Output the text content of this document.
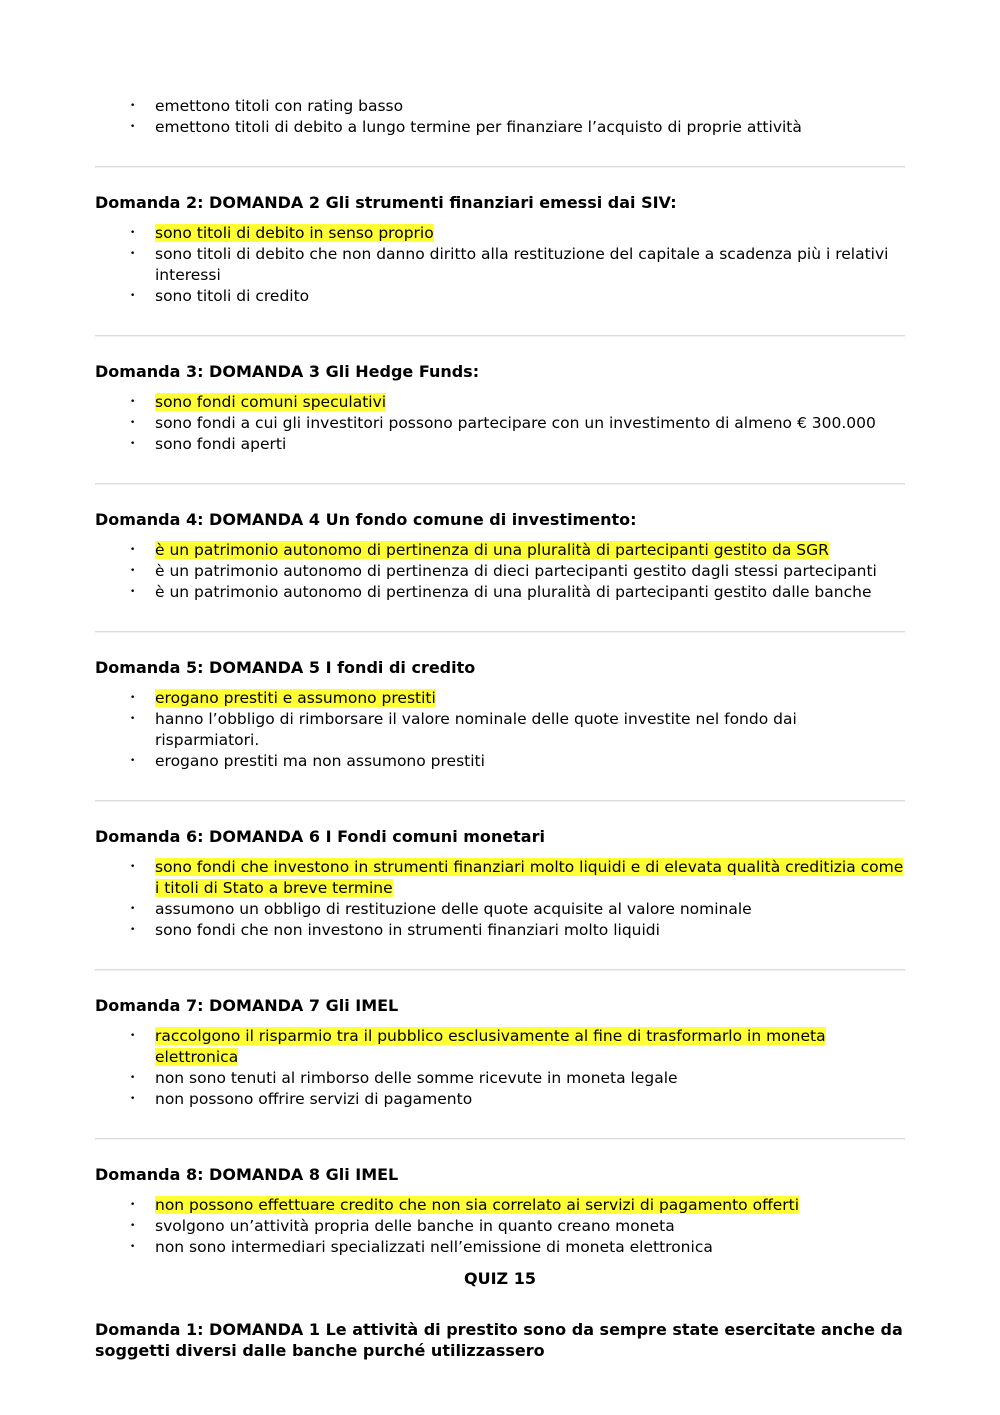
• emettono titoli con rating basso
• emettono titoli di debito a lungo termine per finanziare l’acquisto di proprie attività

Domanda 2: DOMANDA 2 Gli strumenti finanziari emessi dai SIV:

• sono titoli di debito in senso proprio
• sono titoli di debito che non danno diritto alla restituzione del capitale a scadenza più i relativi interessi
• sono titoli di credito

Domanda 3: DOMANDA 3 Gli Hedge Funds:

• sono fondi comuni speculativi
• sono fondi a cui gli investitori possono partecipare con un investimento di almeno € 300.000
• sono fondi aperti

Domanda 4: DOMANDA 4 Un fondo comune di investimento:

• è un patrimonio autonomo di pertinenza di una pluralità di partecipanti gestito da SGR
• è un patrimonio autonomo di pertinenza di dieci partecipanti gestito dagli stessi partecipanti
• è un patrimonio autonomo di pertinenza di una pluralità di partecipanti gestito dalle banche

Domanda 5: DOMANDA 5 I fondi di credito

• erogano prestiti e assumono prestiti
• hanno l’obbligo di rimborsare il valore nominale delle quote investite nel fondo dai risparmiatori.
• erogano prestiti ma non assumono prestiti

Domanda 6: DOMANDA 6 I Fondi comuni monetari

• sono fondi che investono in strumenti finanziari molto liquidi e di elevata qualità creditizia come i titoli di Stato a breve termine
• assumono un obbligo di restituzione delle quote acquisite al valore nominale
• sono fondi che non investono in strumenti finanziari molto liquidi

Domanda 7: DOMANDA 7 Gli IMEL

• raccolgono il risparmio tra il pubblico esclusivamente al fine di trasformarlo in moneta elettronica
• non sono tenuti al rimborso delle somme ricevute in moneta legale
• non possono offrire servizi di pagamento

Domanda 8: DOMANDA 8 Gli IMEL

• non possono effettuare credito che non sia correlato ai servizi di pagamento offerti
• svolgono un’attività propria delle banche in quanto creano moneta
• non sono intermediari specializzati nell’emissione di moneta elettronica

QUIZ 15

Domanda 1: DOMANDA 1 Le attività di prestito sono da sempre state esercitate anche da soggetti diversi dalle banche purché utilizzassero
